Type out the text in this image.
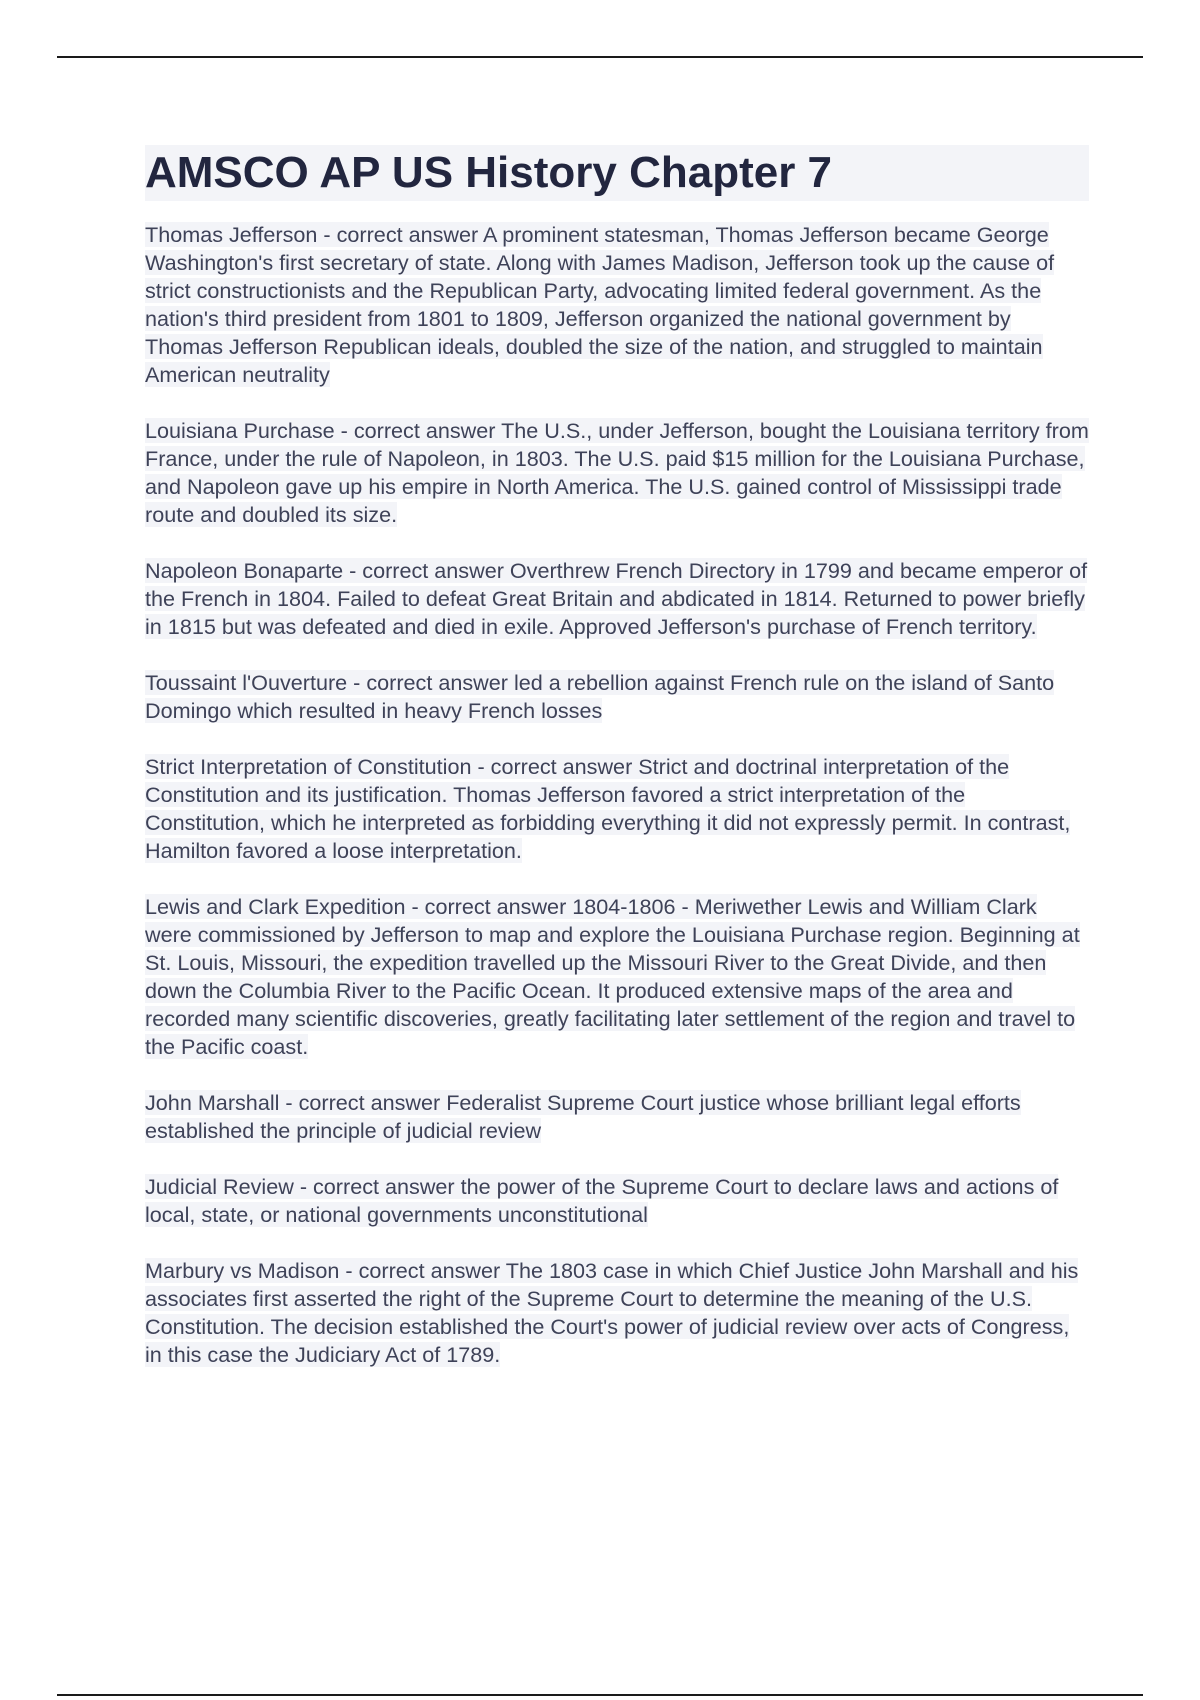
AMSCO AP US History Chapter 7

Thomas Jefferson - correct answer A prominent statesman, Thomas Jefferson became George Washington's first secretary of state. Along with James Madison, Jefferson took up the cause of strict constructionists and the Republican Party, advocating limited federal government. As the nation's third president from 1801 to 1809, Jefferson organized the national government by Thomas Jefferson Republican ideals, doubled the size of the nation, and struggled to maintain American neutrality

Louisiana Purchase - correct answer The U.S., under Jefferson, bought the Louisiana territory from France, under the rule of Napoleon, in 1803. The U.S. paid $15 million for the Louisiana Purchase, and Napoleon gave up his empire in North America. The U.S. gained control of Mississippi trade route and doubled its size.

Napoleon Bonaparte - correct answer Overthrew French Directory in 1799 and became emperor of the French in 1804. Failed to defeat Great Britain and abdicated in 1814. Returned to power briefly in 1815 but was defeated and died in exile. Approved Jefferson's purchase of French territory.

Toussaint l'Ouverture - correct answer led a rebellion against French rule on the island of Santo Domingo which resulted in heavy French losses

Strict Interpretation of Constitution - correct answer Strict and doctrinal interpretation of the Constitution and its justification. Thomas Jefferson favored a strict interpretation of the Constitution, which he interpreted as forbidding everything it did not expressly permit. In contrast, Hamilton favored a loose interpretation.

Lewis and Clark Expedition - correct answer 1804-1806 - Meriwether Lewis and William Clark were commissioned by Jefferson to map and explore the Louisiana Purchase region. Beginning at St. Louis, Missouri, the expedition travelled up the Missouri River to the Great Divide, and then down the Columbia River to the Pacific Ocean. It produced extensive maps of the area and recorded many scientific discoveries, greatly facilitating later settlement of the region and travel to the Pacific coast.

John Marshall - correct answer Federalist Supreme Court justice whose brilliant legal efforts established the principle of judicial review

Judicial Review - correct answer the power of the Supreme Court to declare laws and actions of local, state, or national governments unconstitutional

Marbury vs Madison - correct answer The 1803 case in which Chief Justice John Marshall and his associates first asserted the right of the Supreme Court to determine the meaning of the U.S. Constitution. The decision established the Court's power of judicial review over acts of Congress, in this case the Judiciary Act of 1789.
